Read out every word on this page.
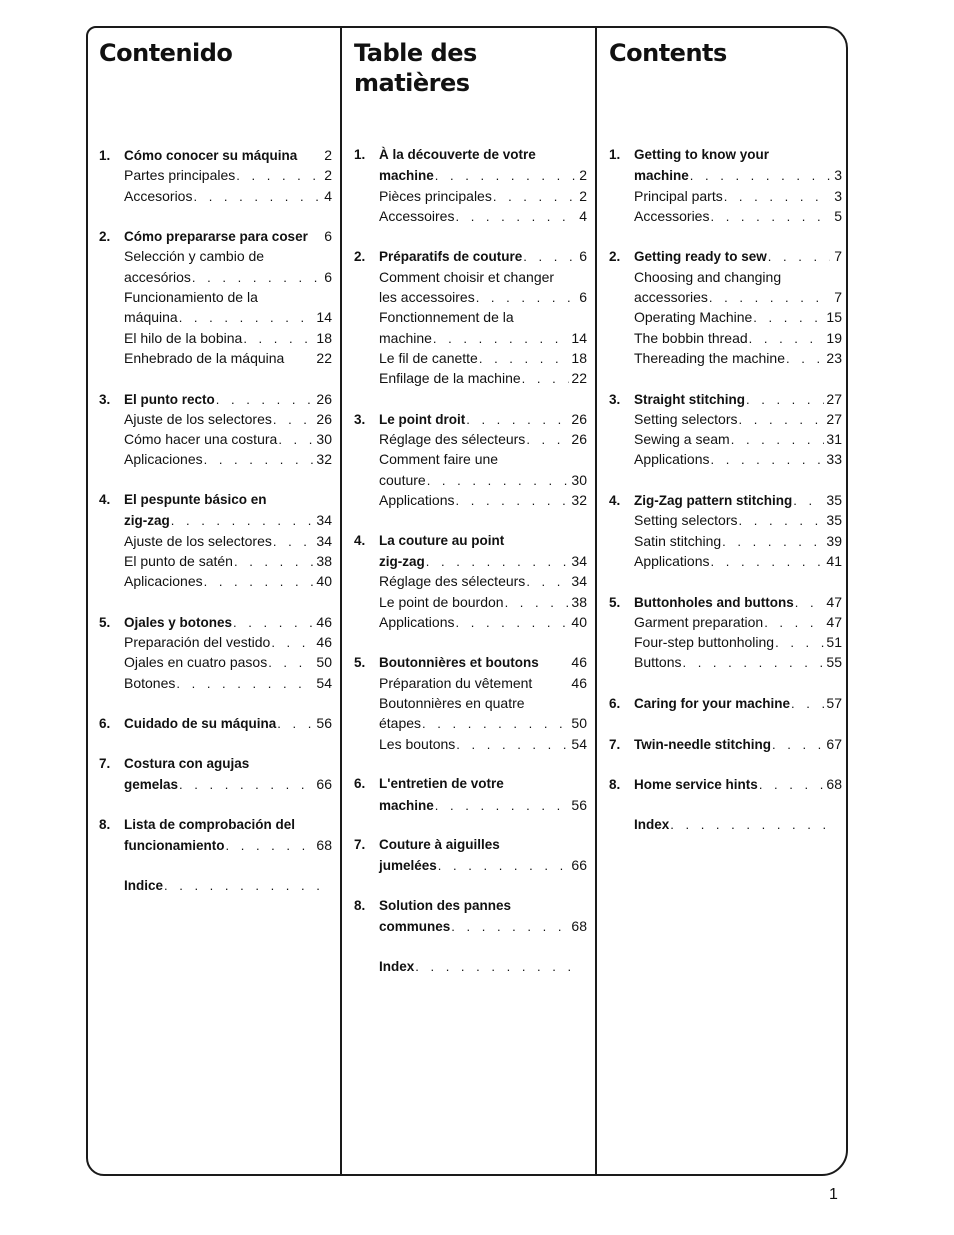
Contenido
1.	Cómo conocer su máquina 2
Partes principales . . .	2
Accesorios . . .	4
2.	Cómo prepararse para coser 6
Selección y cambio de
accesórios . . .	6
Funcionamiento de la
máquina . . .	14
El hilo de la bobina . . .	18
Enhebrado de la máquina 22
3.	El punto recto . . .	26
Ajuste de los selectores . . .	26
Cómo hacer una costura . . .	30
Aplicaciones . . .	32
4.	El pespunte básico en
zig-zag . . .	34
Ajuste de los selectores . . .	34
El punto de satén . . .	38
Aplicaciones . . .	40
5.	Ojales y botones . . .	46
Preparación del vestido . . .	46
Ojales en cuatro pasos . . .	50
Botones . . .	54
6.	Cuidado de su máquina . . .	56
7.	Costura con agujas
gemelas . . .	66
8.	Lista de comprobación del
funcionamiento . . .	68
Indice
. . .
Table des
matières
1.	À la découverte de votre
machine . . .	2
Pièces principales . . .	2
Accessoires . . .	4
2.	Préparatifs de couture . . .	6
Comment choisir et changer
les accessoires . . .	6
Fonctionnement de la
machine . . .	14
Le fil de canette . . .	18
Enfilage de la machine . . .	22
3.	Le point droit . . .	26
Réglage des sélecteurs . . .	26
Comment faire une
couture . . .	30
Applications . . .	32
4.	La couture au point
zig-zag . . .	34
Réglage des sélecteurs . . .	34
Le point de bourdon . . .	38
Applications . . .	40
5.	Boutonnières et boutons 46
Préparation du vêtement	46
Boutonnières en quatre
étapes . . .	50
Les boutons . . .	54
6.	L'entretien de votre
machine . . .	56
7.	Couture à aiguilles
jumelées . . .	66
8.	Solution des pannes
communes . . .	68
Index
. . .
Contents
1.	Getting to know your
machine . . .	3
Principal parts . . .	3
Accessories . . .	5
2.	Getting ready to sew . . .	7
Choosing and changing
accessories . . .	7
Operating Machine . . .	15
The bobbin thread . . .	19
Thereading the machine . . .	23
3.	Straight stitching . . .	27
Setting selectors . . .	27
Sewing a seam . . .	31
Applications . . .	33
4.	Zig-Zag pattern stitching . . . 35
Setting selectors . . .	35
Satin stitching . . .	39
Applications . . .	41
5.	Buttonholes and buttons . . . 47
Garment preparation . . .	47
Four-step buttonholing . . .	51
Buttons . . .	55
6.	Caring for your machine . . .	57
7.	Twin-needle stitching . . .	67
8.	Home service hints . . .	68
Index
. . .
1
